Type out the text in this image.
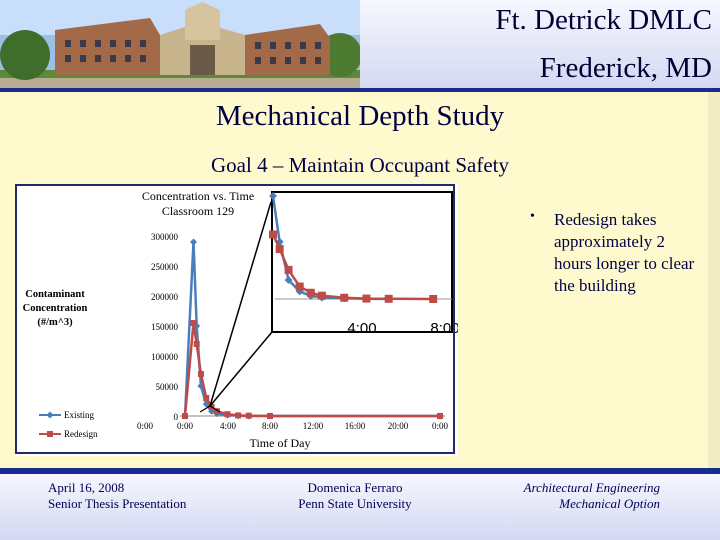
Ft. Detrick DMLC
Frederick, MD
Mechanical Depth Study
Goal 4 – Maintain Occupant Safety
Concentration vs. Time
Classroom 129
Contaminant
Concentration
(#/m^3)
300000
250000
200000
150000
100000
50000
0
0:00	0:00	4:00	8:00	12:00 16:00 20:00	0:00
Time of Day
Existing
Redesign
4:00	8:00
• Redesign takes approximately 2 hours longer to clear the building
April 16, 2008
Senior Thesis Presentation
Domenica Ferraro
Penn State University
Architectural Engineering
Mechanical Option
